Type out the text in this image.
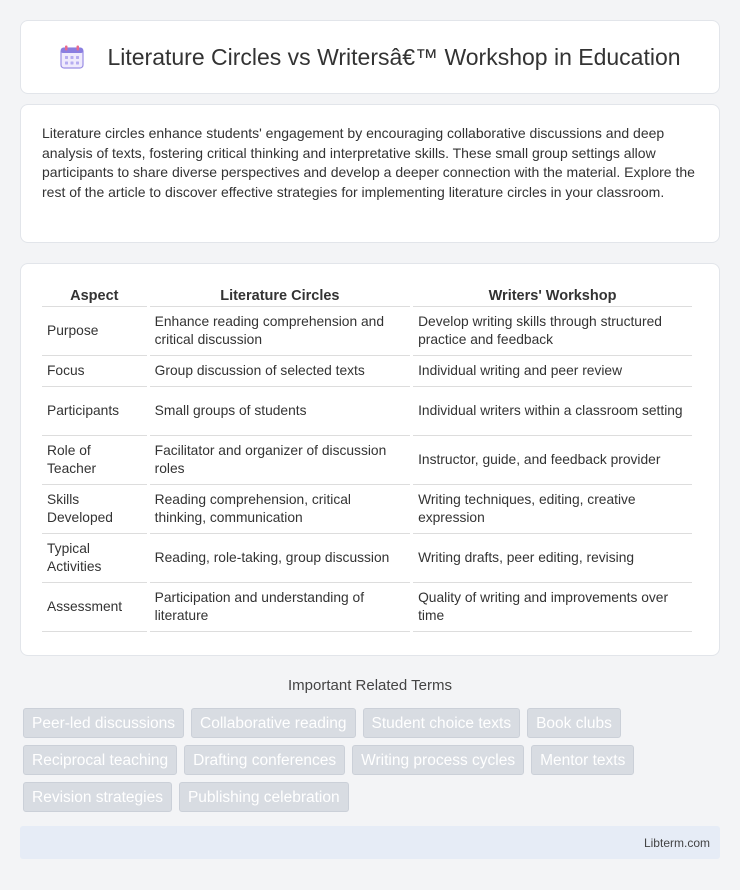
Literature Circles vs Writersâ€™ Workshop in Education

Literature circles enhance students' engagement by encouraging collaborative discussions and deep analysis of texts, fostering critical thinking and interpretative skills. These small group settings allow participants to share diverse perspectives and develop a deeper connection with the material. Explore the rest of the article to discover effective strategies for implementing literature circles in your classroom.

Aspect	Literature Circles	Writers' Workshop
Purpose	Enhance reading comprehension and critical discussion	Develop writing skills through structured practice and feedback
Focus	Group discussion of selected texts	Individual writing and peer review
Participants	Small groups of students	Individual writers within a classroom setting
Role of Teacher	Facilitator and organizer of discussion roles	Instructor, guide, and feedback provider
Skills Developed	Reading comprehension, critical thinking, communication	Writing techniques, editing, creative expression
Typical Activities	Reading, role-taking, group discussion	Writing drafts, peer editing, revising
Assessment	Participation and understanding of literature	Quality of writing and improvements over time
Important Related Terms
Peer-led discussions	Collaborative reading	Student choice texts	Book clubs
Reciprocal teaching	Drafting conferences	Writing process cycles	Mentor texts
Revision strategies	Publishing celebration
Libterm.com
